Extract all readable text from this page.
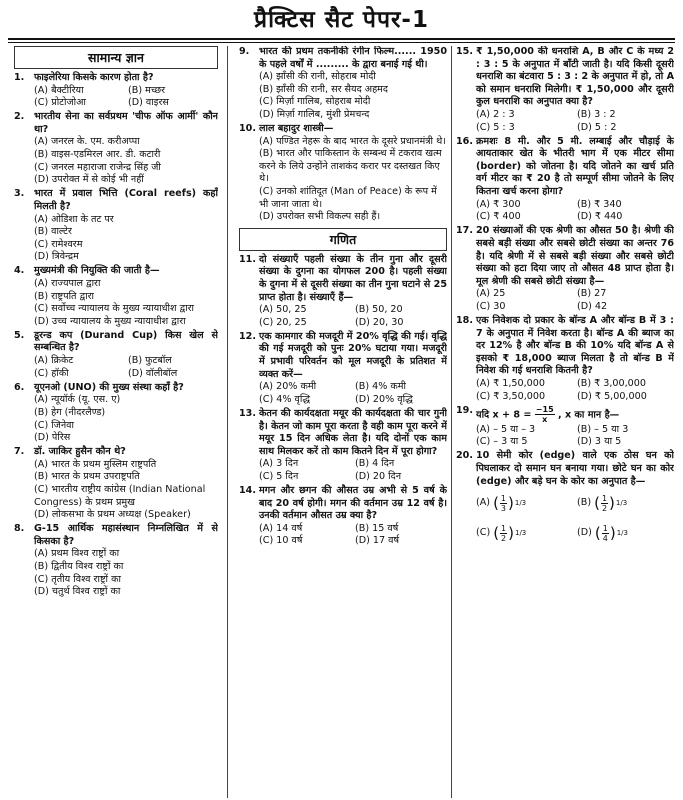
प्रैक्टिस सैट पेपर-1
सामान्य ज्ञान
1.	फाइलेरिया किसके कारण होता है?
(A) बैक्टीरिया	(B) मच्छर
(C) प्रोटोजोआ	(D) वाइरस
2.	भारतीय सेना का सर्वप्रथम 'चीफ ऑफ आर्मी' कौन था?
(A) जनरल के. एम. करीअप्पा
(B) वाइस-एडमिरल आर. डी. कटारी
(C) जनरल महाराजा राजेन्द्र सिंह जी
(D) उपरोक्त में से कोई भी नहीं
3.	भारत में प्रवाल भित्ति (Coral reefs) कहाँ मिलती है?
(A) ओडिशा के तट पर
(B) वाल्टेर
(C) रामेश्वरम
(D) त्रिवेन्द्रम
4.	मुख्यमंत्री की नियुक्ति की जाती है—
(A) राज्यपाल द्वारा
(B) राष्ट्रपति द्वारा
(C) सर्वोच्च न्यायालय के मुख्य न्यायाधीश द्वारा
(D) उच्च न्यायालय के मुख्य न्यायाधीश द्वारा
5.	डूरन्ड कप (Durand Cup) किस खेल से सम्बन्धित है?
(A) क्रिकेट	(B) फुटबॉल
(C) हॉकी	(D) वॉलीबॉल
6.	यूएनओ (UNO) की मुख्य संस्था कहाँ है?
(A) न्यूयॉर्क (यू. एस. ए)
(B) हेग (नीदरलैण्ड)
(C) जिनेवा
(D) पेरिस
7.	डॉ. जाकिर हुसैन कौन थे?
(A) भारत के प्रथम मुस्लिम राष्ट्रपति
(B) भारत के प्रथम उपराष्ट्रपति
(C) भारतीय राष्ट्रीय कांग्रेस (Indian National Congress) के प्रथम प्रमुख
(D) लोकसभा के प्रथम अध्यक्ष (Speaker)
8.	G-15 आर्थिक महासंस्थान निम्नलिखित में से किसका है?
(A) प्रथम विश्व राष्ट्रों का
(B) द्वितीय विश्व राष्ट्रों का
(C) तृतीय विश्व राष्ट्रों का
(D) चतुर्थ विश्व राष्ट्रों का
9.	भारत की प्रथम तकनीकी रंगीन फिल्म...... 1950 के पहले वर्षों में ......... के द्वारा बनाई गई थी।
(A) झाँसी की रानी, सोहराब मोदी
(B) झाँसी की रानी, सर सैयद अहमद
(C) मिर्ज़ा गालिब, सोहराब मोदी
(D) मिर्ज़ा गालिब, मुंशी प्रेमचन्द
10. लाल बहादुर शास्त्री—
(A) पण्डित नेहरू के बाद भारत के दूसरे प्रधानमंत्री थे।
(B) भारत और पाकिस्तान के सम्बन्ध में टकराव खत्म करने के लिये उन्होंने ताशकंद करार पर दस्तखत किए थे।
(C) उनको शांतिदूत (Man of Peace) के रूप में भी जाना जाता थे।
(D) उपरोक्त सभी विकल्प सही हैं।
गणित
11. दो संख्याएँ पहली संख्या के तीन गुना और दूसरी संख्या के दुगना का योगफल 200 है। पहली संख्या के दुगना में से दूसरी संख्या का तीन गुना घटाने से 25 प्राप्त होता है। संख्याएँ हैं—
(A) 50, 25	(B) 50, 20
(C) 20, 25	(D) 20, 30
12. एक कामगार की मजदूरी में 20% वृद्धि की गई। वृद्धि की गई मजदूरी को पुनः 20% घटाया गया। मजदूरी में प्रभावी परिवर्तन को मूल मजदूरी के प्रतिशत में व्यक्त करें—
(A) 20% कमी	(B) 4% कमी
(C) 4% वृद्धि	(D) 20% वृद्धि
13. केतन की कार्यदक्षता मयूर की कार्यदक्षता की चार गुनी है। केतन जो काम पूरा करता है वही काम पूरा करने में मयूर 15 दिन अधिक लेता है। यदि दोनों एक काम साथ मिलकर करें तो काम कितने दिन में पूरा होगा?
(A) 3 दिन	(B) 4 दिन
(C) 5 दिन	(D) 20 दिन
14. मगन और छगन की औसत उम्र अभी से 5 वर्ष के बाद 20 वर्ष होगी। मगन की वर्तमान उम्र 12 वर्ष है। उनकी वर्तमान औसत उम्र क्या है?
(A) 14 वर्ष	(B) 15 वर्ष
(C) 10 वर्ष	(D) 17 वर्ष
15. ₹ 1,50,000 की धनराशि A, B और C के मध्य 2 : 3 : 5 के अनुपात में बाँटी जाती है। यदि किसी दूसरी धनराशि का बंटवारा 5 : 3 : 2 के अनुपात में हो, तो A को समान धनराशि मिलेगी। ₹ 1,50,000 और दूसरी कुल धनराशि का अनुपात क्या है?
(A) 2 : 3	(B) 3 : 2
(C) 5 : 3	(D) 5 : 2
16. क्रमशः 8 मी. और 5 मी. लम्बाई और चौड़ाई के आयताकार खेत के भीतरी भाग में एक मीटर सीमा (border) को जोतना है। यदि जोतने का खर्च प्रति वर्ग मीटर का ₹ 20 है तो सम्पूर्ण सीमा जोतने के लिए कितना खर्च करना होगा?
(A) ₹ 300	(B) ₹ 340
(C) ₹ 400	(D) ₹ 440
17. 20 संख्याओं की एक श्रेणी का औसत 50 है। श्रेणी की सबसे बड़ी संख्या और सबसे छोटी संख्या का अन्तर 76 है। यदि श्रेणी में से सबसे बड़ी संख्या और सबसे छोटी संख्या को हटा दिया जाए तो औसत 48 प्राप्त होता है। मूल श्रेणी की सबसे छोटी संख्या है—
(A) 25	(B) 27
(C) 30	(D) 42
18. एक निवेशक दो प्रकार के बॉन्ड A और बॉन्ड B में 3 : 7 के अनुपात में निवेश करता है। बॉन्ड A की ब्याज का दर 12% है और बॉन्ड B की 10% यदि बॉन्ड A से इसको ₹ 18,000 ब्याज मिलता है तो बॉन्ड B में निवेश की गई धनराशि कितनी है?
(A) ₹ 1,50,000	(B) ₹ 3,00,000
(C) ₹ 3,50,000	(D) ₹ 5,00,000
19. यदि $x + 8 = \frac{-15}{x}$ , x का मान है—
(A) – 5 या – 3	(B) – 5 या 3
(C) – 3 या 5	(D) 3 या 5
20. 10 सेमी कोर (edge) वाले एक ठोस घन को पिघलाकर दो समान घन बनाया गया। छोटे घन का कोर (edge) और बड़े घन के कोर का अनुपात है—
(A) ( $\frac{1}{3}$ ) 1/3	(B) ( $\frac{1}{2}$ ) 1/3
(C) ( $\frac{1}{2}$ ) 1/3	(D) ( $\frac{1}{4}$ ) 1/3
